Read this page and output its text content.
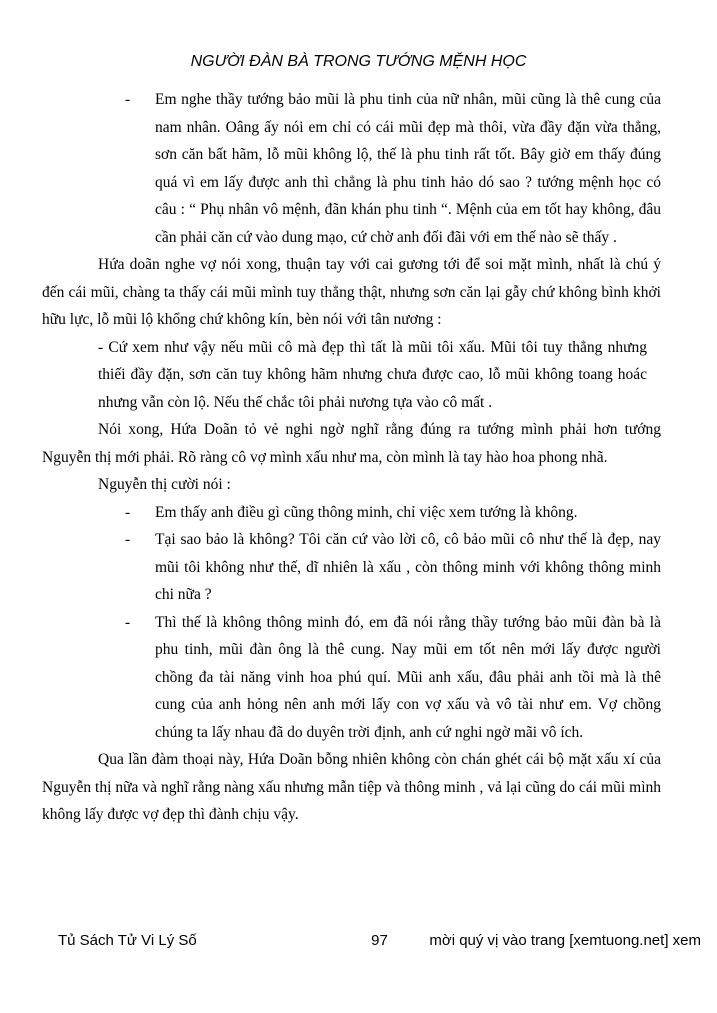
NGƯỜI ĐÀN BÀ TRONG TƯỚNG MỆNH HỌC
-	Em nghe thầy tướng bảo mũi là phu tinh của nữ nhân, mũi cũng là thê cung của nam nhân. Oâng ấy nói em chỉ có cái mũi đẹp mà thôi, vừa đầy đặn vừa thẳng, sơn căn bất hãm, lỗ mũi không lộ, thế là phu tinh rất tốt. Bây giờ em thấy đúng quá vì em lấy được anh thì chẳng là phu tinh hảo dó sao ? tướng mệnh học có câu : “ Phụ nhân vô mệnh, đãn khán phu tinh “. Mệnh của em tốt hay không, đâu cần phải căn cứ vào dung mạo, cứ chờ anh đối đãi với em thế nào sẽ thấy .
Hứa doãn nghe vợ nói xong, thuận tay với cai gương tới để soi mặt mình, nhất là chú ý đến cái mũi, chàng ta thấy cái mũi mình tuy thẳng thật, nhưng sơn căn lại gẫy chứ không bình khởi hữu lực, lỗ mũi lộ khổng chứ không kín, bèn nói với tân nương :
- Cứ xem như vậy nếu mũi cô mà đẹp thì tất là mũi tôi xấu. Mũi tôi tuy thẳng nhưng thiếi đầy đặn, sơn căn tuy không hãm nhưng chưa được cao, lỗ mũi không toang hoác nhưng vẫn còn lộ. Nếu thế chắc tôi phải nương tựa vào cô mất .
Nói xong, Hứa Doãn tỏ vẻ nghi ngờ nghĩ rằng đúng ra tướng mình phải hơn tướng Nguyễn thị mới phải. Rõ ràng cô vợ mình xấu như ma, còn mình là tay hào hoa phong nhã.
Nguyễn thị cười nói :
-	Em thấy anh điều gì cũng thông minh, chỉ việc xem tướng là không.
-	Tại sao bảo là không? Tôi căn cứ vào lời cô, cô bảo mũi cô như thế là đẹp, nay mũi tôi không như thế, dĩ nhiên là xấu , còn thông minh với không thông minh chi nữa ?
-	Thì thế là không thông minh đó, em đã nói rằng thầy tướng bảo mũi đàn bà là phu tinh, mũi đàn ông là thê cung. Nay mũi em tốt nên mới lấy được người chồng đa tài năng vinh hoa phú quí. Mũi anh xấu, đâu phải anh tồi mà là thê cung của anh hỏng nên anh mới lấy con vợ xấu và vô tài như em. Vợ chồng chúng ta lấy nhau đã do duyên trời định, anh cứ nghi ngờ mãi vô ích.
Qua lần đàm thoại này, Hứa Doãn bỗng nhiên không còn chán ghét cái bộ mặt xấu xí của Nguyễn thị nữa và nghĩ rằng nàng xấu nhưng mẫn tiệp và thông minh , vả lại cũng do cái mũi mình không lấy được vợ đẹp thì đành chịu vậy.
Tủ Sách Tử Vi Lý Số	97	mời quý vị vào trang [xemtuong.net] xem
